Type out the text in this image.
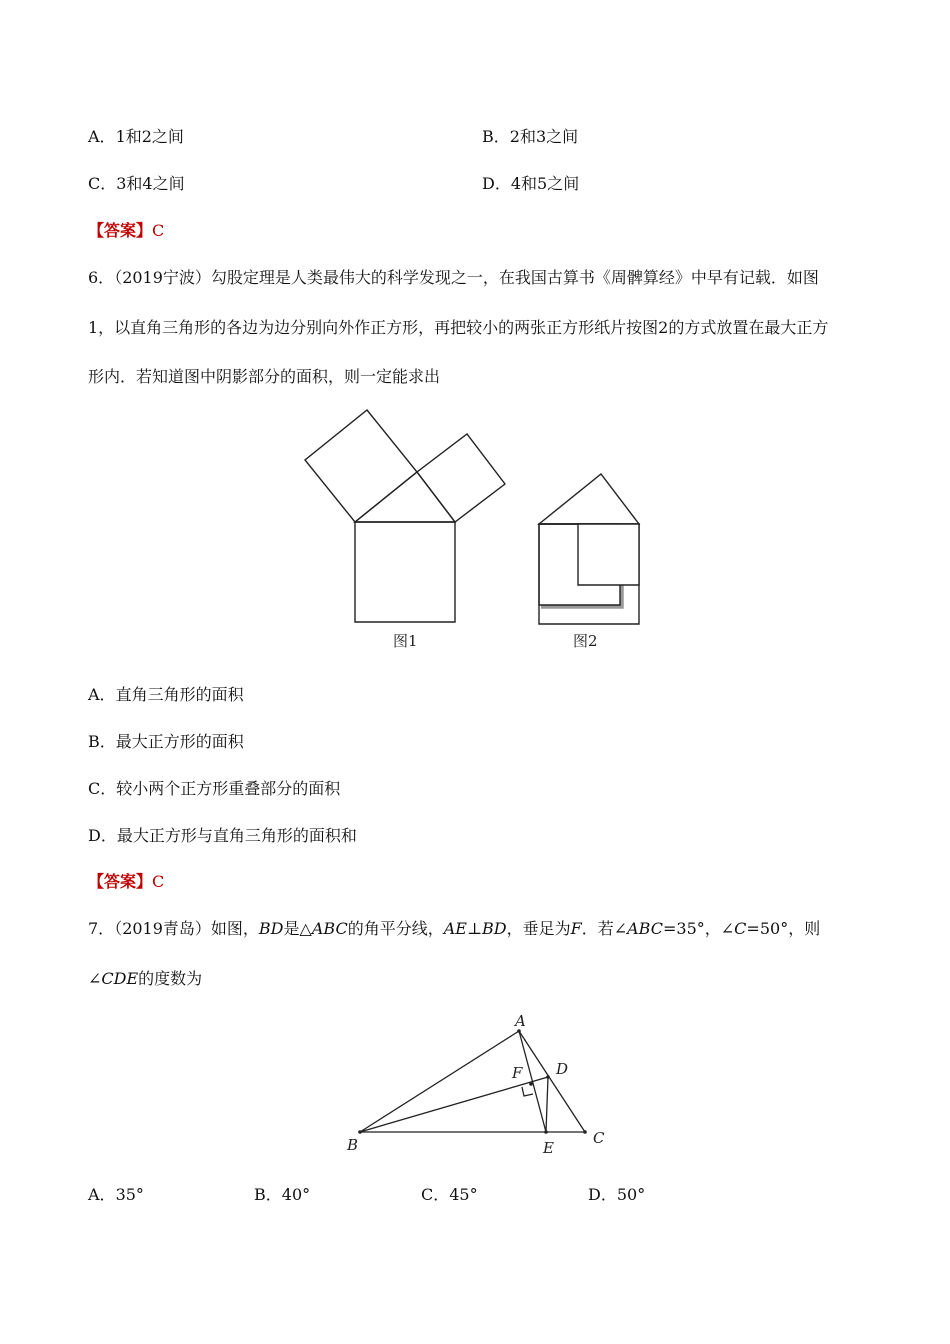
A．1和2之间	B．2和3之间
C．3和4之间	D．4和5之间
【答案】C
6．（2019宁波）勾股定理是人类最伟大的科学发现之一，在我国古算书《周髀算经》中早有记载．如图
1，以直角三角形的各边为边分别向外作正方形，再把较小的两张正方形纸片按图2的方式放置在最大正方
形内．若知道图中阴影部分的面积，则一定能求出
图1	图2
A．直角三角形的面积
B．最大正方形的面积
C．较小两个正方形重叠部分的面积
D．最大正方形与直角三角形的面积和
【答案】C
7．（2019青岛）如图，BD是△ABC的角平分线，AE⊥BD，垂足为F．若∠ABC=35°，∠C=50°，则
∠CDE的度数为
A
B	C
D
E
F
A．35°	B．40°	C．45°	D．50°
